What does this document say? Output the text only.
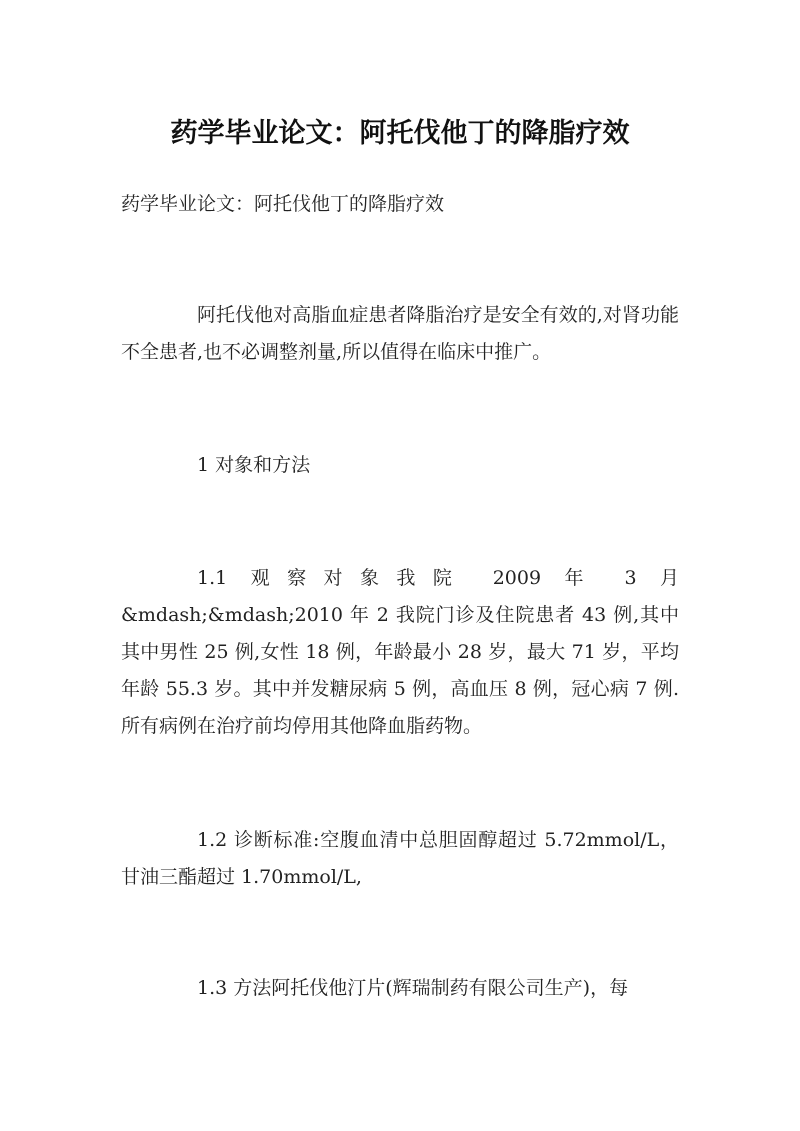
药学毕业论文：阿托伐他丁的降脂疗效

药学毕业论文：阿托伐他丁的降脂疗效

阿托伐他对高脂血症患者降脂治疗是安全有效的,对肾功能不全患者,也不必调整剂量,所以值得在临床中推广。

1 对象和方法

1.1 观察对象我院 2009 年 3 月&mdash;&mdash;2010 年 2 我院门诊及住院患者 43 例,其中其中男性 25 例,女性 18 例，年龄最小 28 岁，最大 71 岁，平均年龄 55.3 岁。其中并发糖尿病 5 例，高血压 8 例，冠心病 7 例.所有病例在治疗前均停用其他降血脂药物。

1.2 诊断标准:空腹血清中总胆固醇超过 5.72mmol/L，甘油三酯超过 1.70mmol/L,

1.3 方法阿托伐他汀片(辉瑞制药有限公司生产)，每
